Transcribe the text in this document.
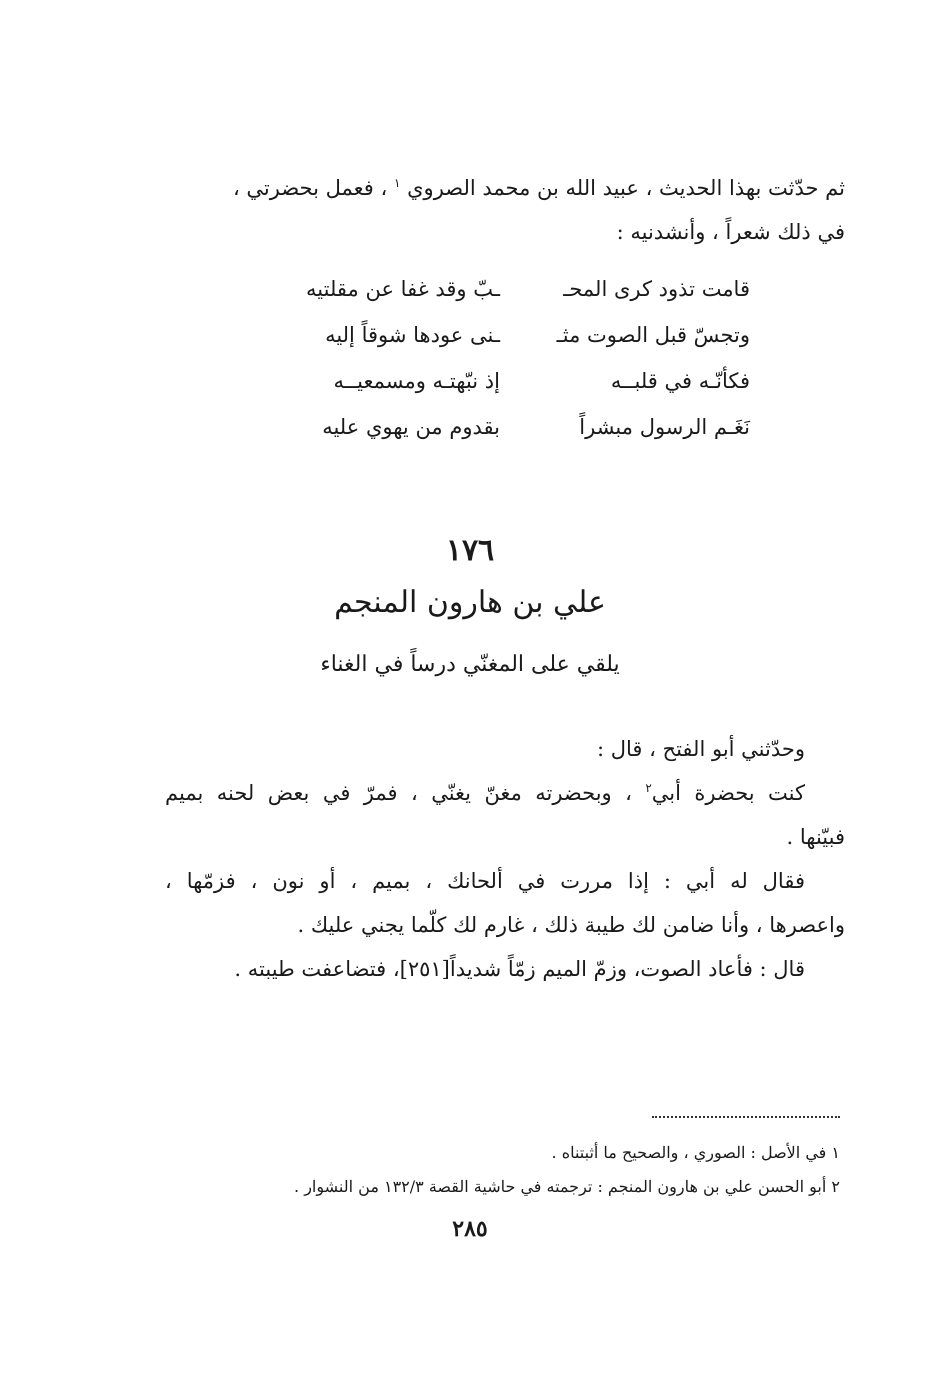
ثم حدّثت بهذا الحديث ، عبيد الله بن محمد الصروي $^١$ ، فعمل بحضرتي ،
في ذلك شعراً ، وأنشدنيه :
قامت تذود كرى المحـ
ـبّ وقد غفا عن مقلتيه
وتجسّ قبل الصوت مثـ
ـنى عودها شوقاً إليه
فكأنّـه في قلبــه
إذ نبّهتـه ومسمعيــه
نَغَـم الرسول مبشراً
بقدوم من يهوي عليه
١٧٦
علي بن هارون المنجم
يلقي على المغنّي درساً في الغناء
وحدّثني أبو الفتح ، قال :
كنت بحضرة أبي$^٢$ ، وبحضرته مغنّ يغنّي ، فمرّ في بعض لحنه بميم
فبيّنها .
فقال له أبي : إذا مررت في ألحانك ، بميم ، أو نون ، فزمّها ،
واعصرها ، وأنا ضامن لك طيبة ذلك ، غارم لك كلّما يجني عليك .
قال : فأعاد الصوت، وزمّ الميم زمّاً شديداً[٢٥١]، فتضاعفت طيبته .
١ في الأصل : الصوري ، والصحيح ما أثبتناه .
٢ أبو الحسن علي بن هارون المنجم : ترجمته في حاشية القصة ١٣٢/٣ من النشوار .
٢٨٥
